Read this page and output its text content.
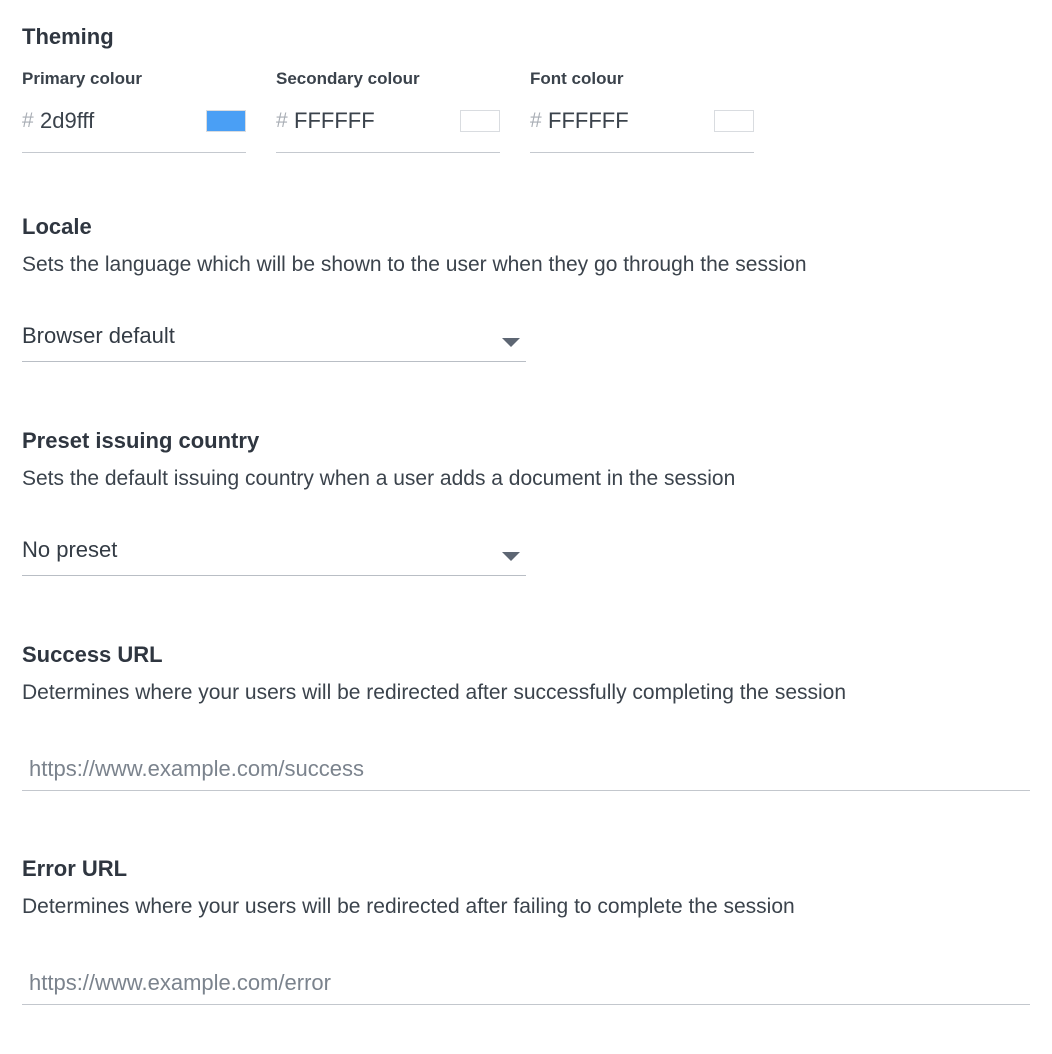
Theming
Primary colour
# 2d9fff
Secondary colour
# FFFFFF
Font colour
# FFFFFF
Locale

Sets the language which will be shown to the user when they go through the session

Browser default
Preset issuing country

Sets the default issuing country when a user adds a document in the session

No preset
Success URL

Determines where your users will be redirected after successfully completing the session

https://www.example.com/success
Error URL

Determines where your users will be redirected after failing to complete the session

https://www.example.com/error
